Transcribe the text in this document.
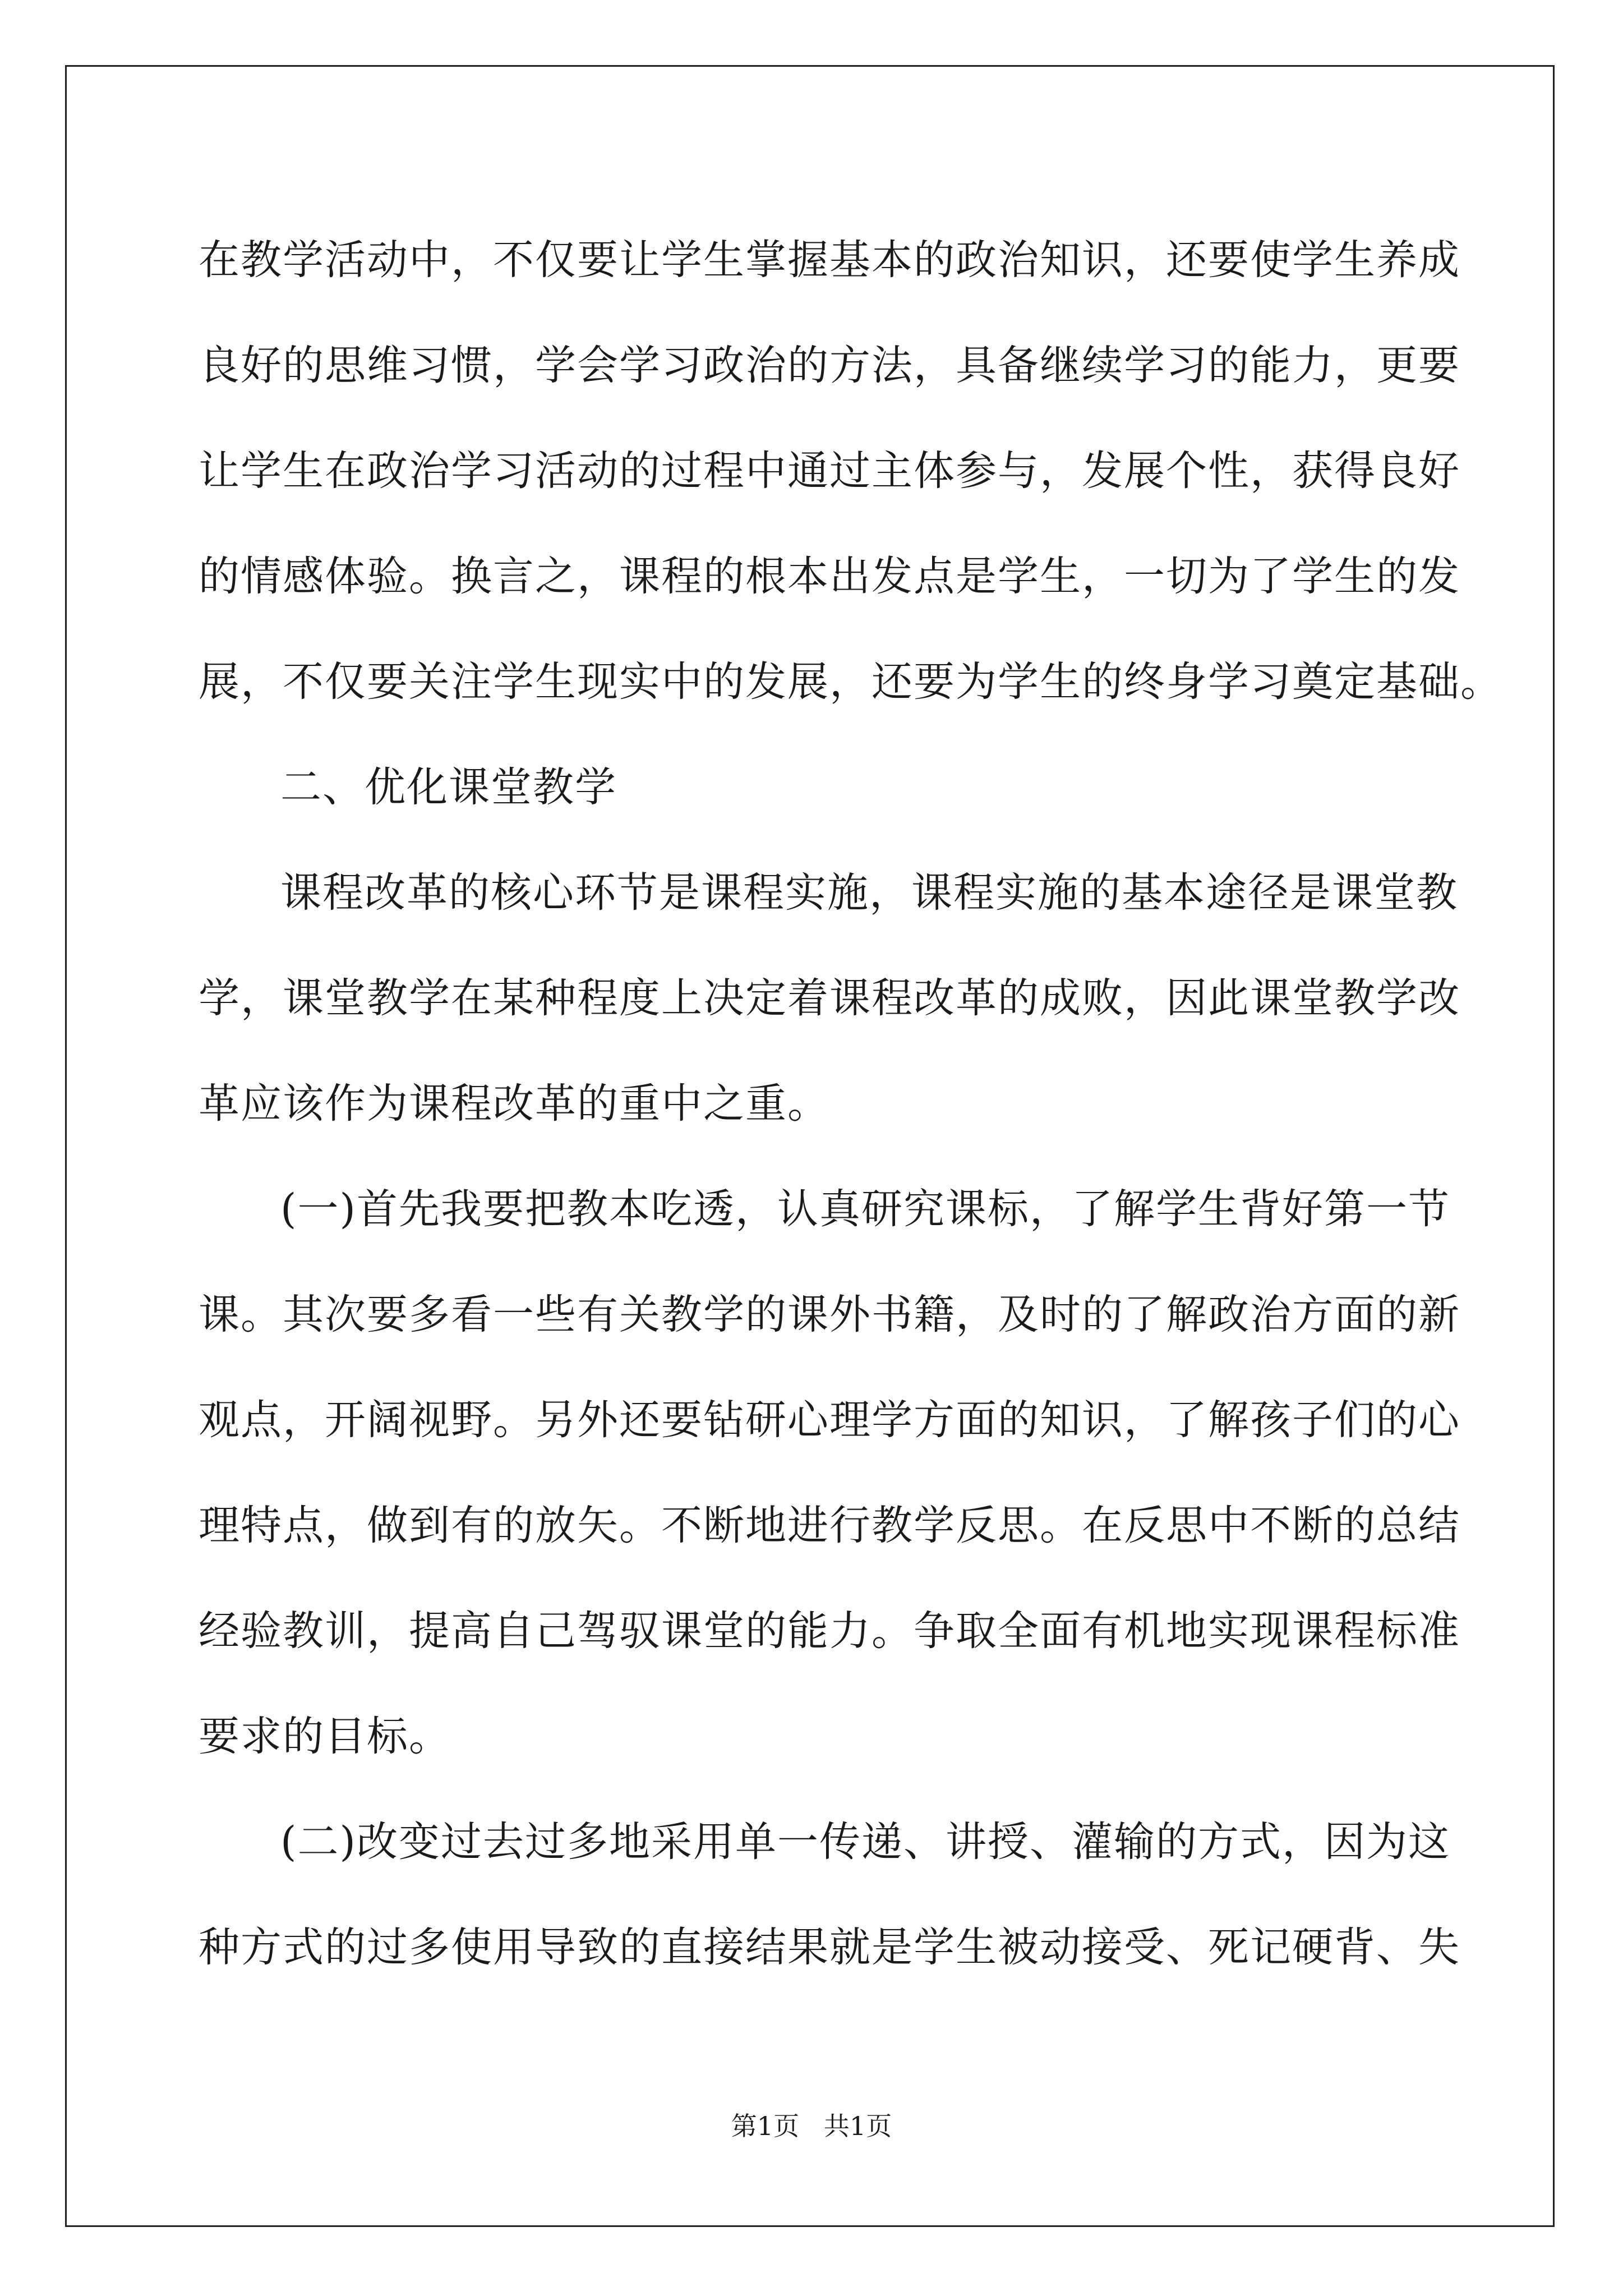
在教学活动中，不仅要让学生掌握基本的政治知识，还要使学生养成
良好的思维习惯，学会学习政治的方法，具备继续学习的能力，更要
让学生在政治学习活动的过程中通过主体参与，发展个性，获得良好
的情感体验。换言之，课程的根本出发点是学生，一切为了学生的发
展，不仅要关注学生现实中的发展，还要为学生的终身学习奠定基础。
二、优化课堂教学
课程改革的核心环节是课程实施，课程实施的基本途径是课堂教
学，课堂教学在某种程度上决定着课程改革的成败，因此课堂教学改
革应该作为课程改革的重中之重。
(一)首先我要把教本吃透，认真研究课标，了解学生背好第一节
课。其次要多看一些有关教学的课外书籍，及时的了解政治方面的新
观点，开阔视野。另外还要钻研心理学方面的知识，了解孩子们的心
理特点，做到有的放矢。不断地进行教学反思。在反思中不断的总结
经验教训，提高自己驾驭课堂的能力。争取全面有机地实现课程标准
要求的目标。
(二)改变过去过多地采用单一传递、讲授、灌输的方式，因为这
种方式的过多使用导致的直接结果就是学生被动接受、死记硬背、失
第1页   共1页
